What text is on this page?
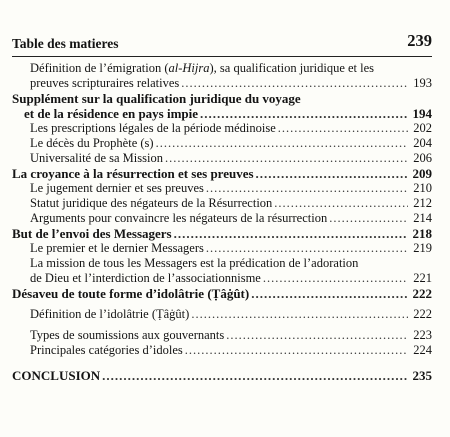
Table des matieres	239
Définition de l’émigration (al-Hijra), sa qualification juridique et les
preuves scripturaires relatives .....	193
Supplément sur la qualification juridique du voyage
et de la résidence en pays impie .....	194
Les prescriptions légales de la période médinoise .....	202
Le décès du Prophète (s) .....	204
Universalité de sa Mission .....	206
La croyance à la résurrection et ses preuves .....	209
Le jugement dernier et ses preuves .....	210
Statut juridique des négateurs de la Résurrection .....	212
Arguments pour convaincre les négateurs de la résurrection .....	214
But de l’envoi des Messagers .....	218
Le premier et le dernier Messagers .....	219
La mission de tous les Messagers est la prédication de l’adoration
de Dieu et l’interdiction de l’associationnisme .....	221
Désaveu de toute forme d’idolâtrie (Ṭâġût) .....	222
Définition de l’idolâtrie (Ṭâġût) .....	222
Types de soumissions aux gouvernants .....	223
Principales catégories d’idoles .....	224
CONCLUSION .....	235
